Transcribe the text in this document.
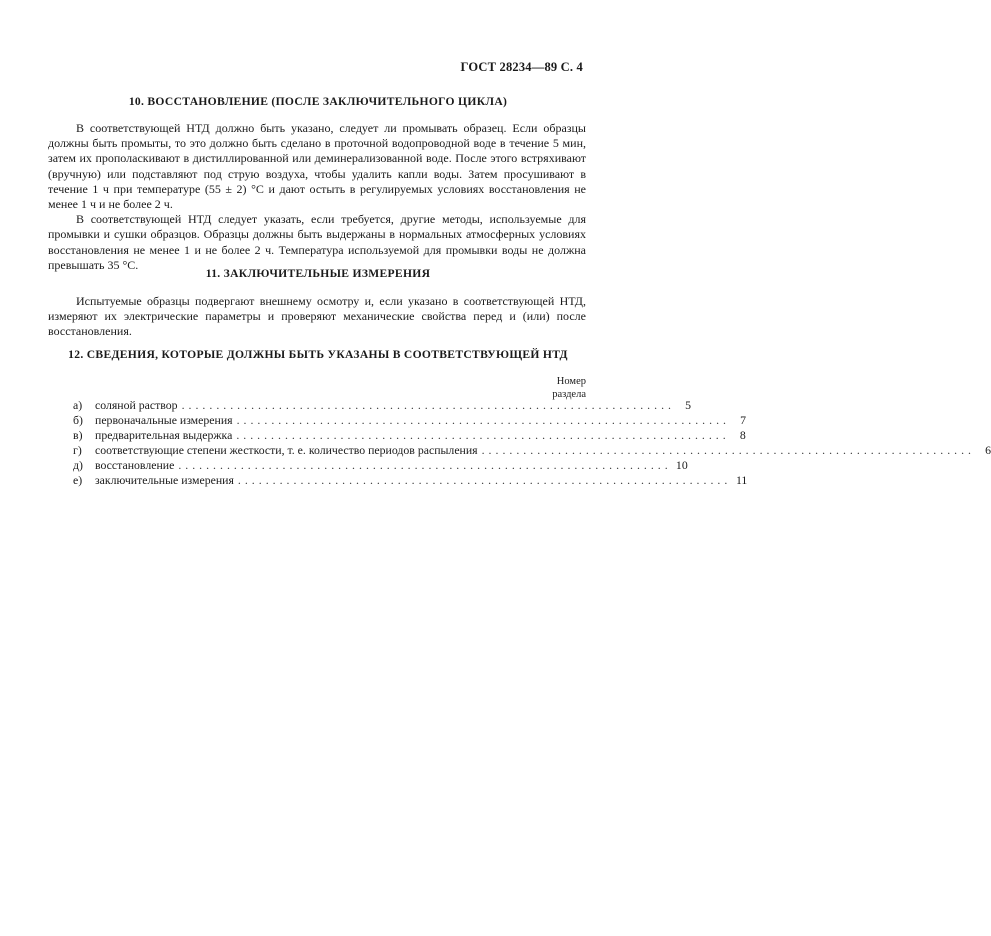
ГОСТ 28234—89 С. 4
10. ВОССТАНОВЛЕНИЕ (ПОСЛЕ ЗАКЛЮЧИТЕЛЬНОГО ЦИКЛА)

В соответствующей НТД должно быть указано, следует ли промывать образец. Если образцы должны быть промыты, то это должно быть сделано в проточной водопроводной воде в течение 5 мин, затем их прополаскивают в дистиллированной или деминерализованной воде. После этого встряхивают (вручную) или подставляют под струю воздуха, чтобы удалить капли воды. Затем просушивают в течение 1 ч при температуре (55 ± 2) °С и дают остыть в регулируемых условиях восстановления не менее 1 ч и не более 2 ч.

В соответствующей НТД следует указать, если требуется, другие методы, используемые для промывки и сушки образцов. Образцы должны быть выдержаны в нормальных атмосферных условиях восстановления не менее 1 и не более 2 ч. Температура используемой для промывки воды не должна превышать 35 °С.

11. ЗАКЛЮЧИТЕЛЬНЫЕ ИЗМЕРЕНИЯ

Испытуемые образцы подвергают внешнему осмотру и, если указано в соответствующей НТД, измеряют их электрические параметры и проверяют механические свойства перед и (или) после восстановления.

12. СВЕДЕНИЯ, КОТОРЫЕ ДОЛЖНЫ БЫТЬ УКАЗАНЫ В СООТВЕТСТВУЮЩЕЙ НТД
Номер
раздела
а)	соляной раствор ....................................................................... 5
б)	первоначальные измерения ....................................................................... 7
в)	предварительная выдержка ....................................................................... 8
г)	соответствующие степени жесткости, т. е. количество периодов распыления ....................................................................... 6
д)	восстановление ....................................................................... 10
е)	заключительные измерения ....................................................................... 11
